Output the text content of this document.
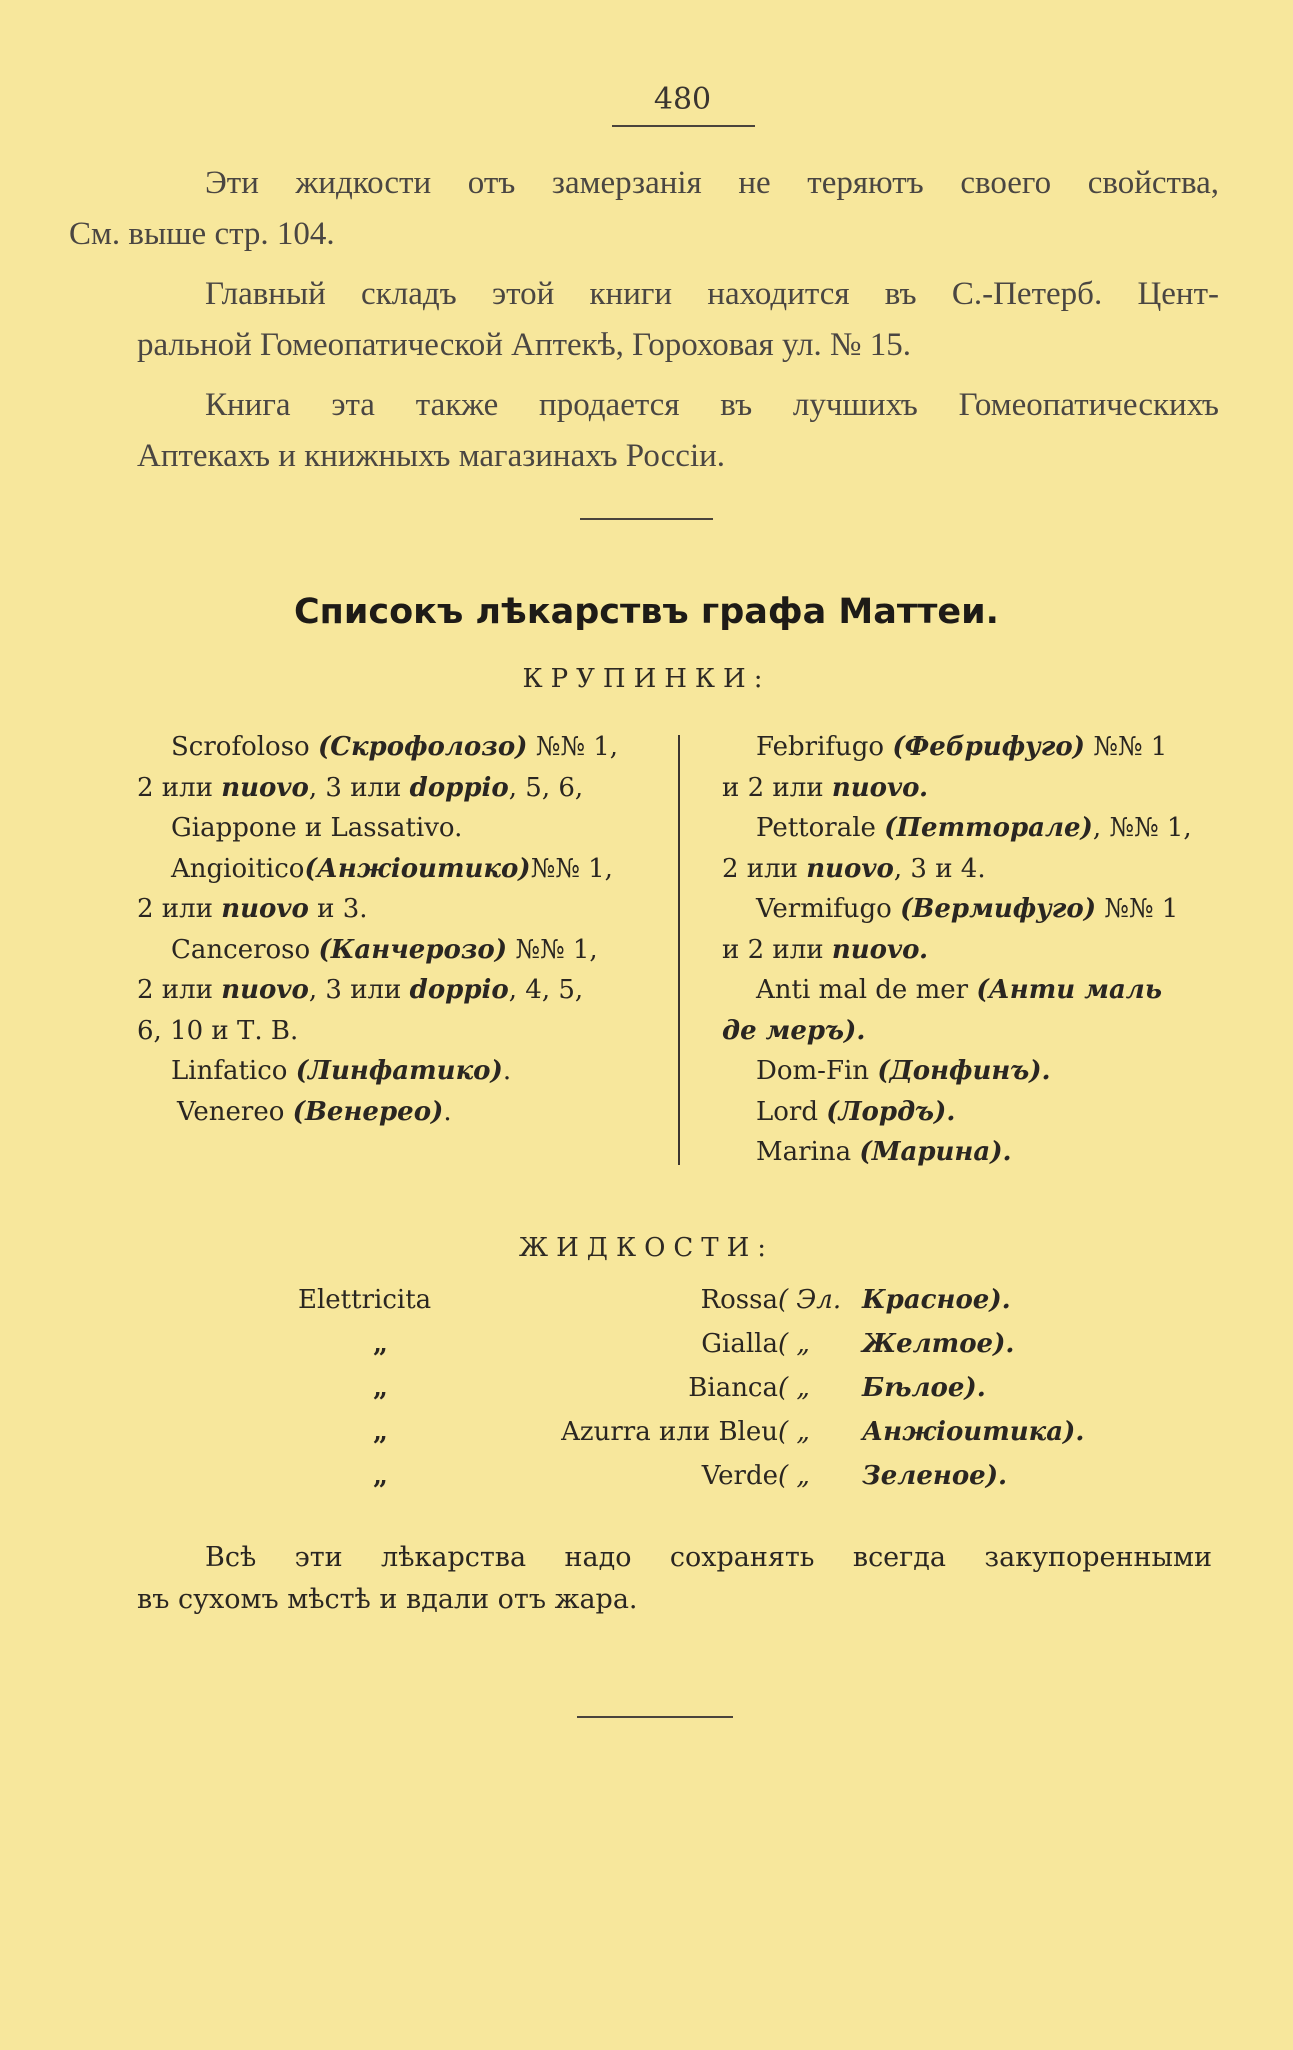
480

Эти жидкости отъ замерзанія не теряютъ своего свойства,
См. выше стр. 104.

Главный складъ этой книги находится въ С.-Петерб. Цент-
ральной Гомеопатической Аптекѣ, Гороховая ул. № 15.

Книга эта также продается въ лучшихъ Гомеопатическихъ
Аптекахъ и книжныхъ магазинахъ Россіи.

Списокъ лѣкарствъ графа Маттеи.
КРУПИНКИ:
Scrofoloso (Скрофолозо) №№ 1,
2 или nuovo, 3 или doppio, 5, 6,
Giappone и Lassativo.
Angioitico(Анжіоитико)№№ 1,
2 или nuovo и 3.
Canceroso (Канчерозо) №№ 1,
2 или nuovo, 3 или doppio, 4, 5,
6, 10 и Т. В.
Linfatico (Линфатико).
Venereo (Венерео).
Febrifugo (Фебрифуго) №№ 1
и 2 или nuovo.
Pettorale (Петторале), №№ 1,
2 или nuovo, 3 и 4.
Vermifugo (Вермифуго) №№ 1
и 2 или nuovo.
Anti mal de mer (Анти маль
де меръ).
Dom-Fin (Донфинъ).
Lord (Лордъ).
Marina (Марина).
ЖИДКОСТИ:
Elettricita	Rossa ( Эл. Красное).
„	Gialla ( „ Желтое).
„	Bianca ( „ Бѣлое).
„	Azurra или Bleu ( „ Анжіоитика).
„	Verde ( „ Зеленое).

Всѣ эти лѣкарства надо сохранять всегда закупоренными
въ сухомъ мѣстѣ и вдали отъ жара.
